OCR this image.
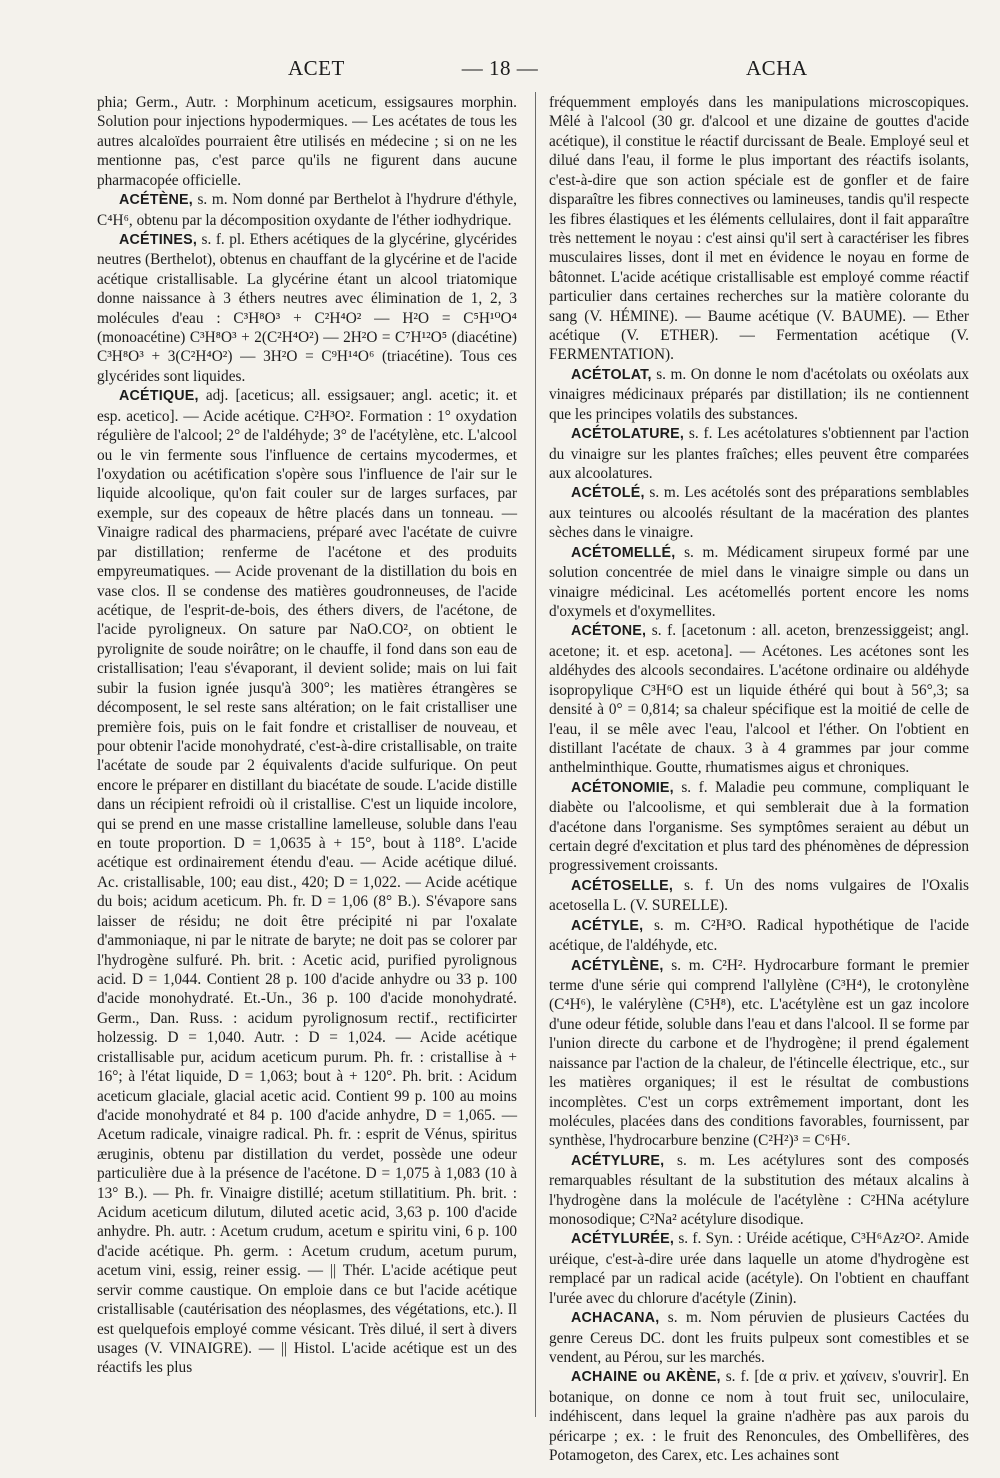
ACET	— 18 —	ACHA

phia; Germ., Autr. : Morphinum aceticum, essigsaures morphin. Solution pour injections hypodermiques. — Les acétates de tous les autres alcaloïdes pourraient être utilisés en médecine ; si on ne les mentionne pas, c'est parce qu'ils ne figurent dans aucune pharmacopée officielle.

ACÉTÈNE, s. m. Nom donné par Berthelot à l'hydrure d'éthyle, C⁴H⁶, obtenu par la décomposition oxydante de l'éther iodhydrique.

ACÉTINES, s. f. pl. Ethers acétiques de la glycérine, glycérides neutres (Berthelot), obtenus en chauffant de la glycérine et de l'acide acétique cristallisable. La glycérine étant un alcool triatomique donne naissance à 3 éthers neutres avec élimination de 1, 2, 3 molécules d'eau : C³H⁸O³ + C²H⁴O² — H²O = C⁵H¹⁰O⁴ (monoacétine) C³H⁸O³ + 2(C²H⁴O²) — 2H²O = C⁷H¹²O⁵ (diacétine) C³H⁸O³ + 3(C²H⁴O²) — 3H²O = C⁹H¹⁴O⁶ (triacétine). Tous ces glycérides sont liquides.

ACÉTIQUE, adj. [aceticus; all. essigsauer; angl. acetic; it. et esp. acetico]. — Acide acétique. C²H³O². Formation : 1° oxydation régulière de l'alcool; 2° de l'aldéhyde; 3° de l'acétylène, etc. L'alcool ou le vin fermente sous l'influence de certains mycodermes, et l'oxydation ou acétification s'opère sous l'influence de l'air sur le liquide alcoolique, qu'on fait couler sur de larges surfaces, par exemple, sur des copeaux de hêtre placés dans un tonneau. — Vinaigre radical des pharmaciens, préparé avec l'acétate de cuivre par distillation; renferme de l'acétone et des produits empyreumatiques. — Acide provenant de la distillation du bois en vase clos. Il se condense des matières goudronneuses, de l'acide acétique, de l'esprit-de-bois, des éthers divers, de l'acétone, de l'acide pyroligneux. On sature par NaO.CO², on obtient le pyrolignite de soude noirâtre; on le chauffe, il fond dans son eau de cristallisation; l'eau s'évaporant, il devient solide; mais on lui fait subir la fusion ignée jusqu'à 300°; les matières étrangères se décomposent, le sel reste sans altération; on le fait cristalliser une première fois, puis on le fait fondre et cristalliser de nouveau, et pour obtenir l'acide monohydraté, c'est-à-dire cristallisable, on traite l'acétate de soude par 2 équivalents d'acide sulfurique. On peut encore le préparer en distillant du biacétate de soude. L'acide distille dans un récipient refroidi où il cristallise. C'est un liquide incolore, qui se prend en une masse cristalline lamelleuse, soluble dans l'eau en toute proportion. D = 1,0635 à + 15°, bout à 118°. L'acide acétique est ordinairement étendu d'eau. — Acide acétique dilué. Ac. cristallisable, 100; eau dist., 420; D = 1,022. — Acide acétique du bois; acidum aceticum. Ph. fr. D = 1,06 (8° B.). S'évapore sans laisser de résidu; ne doit être précipité ni par l'oxalate d'ammoniaque, ni par le nitrate de baryte; ne doit pas se colorer par l'hydrogène sulfuré. Ph. brit. : Acetic acid, purified pyrolignous acid. D = 1,044. Contient 28 p. 100 d'acide anhydre ou 33 p. 100 d'acide monohydraté. Et.-Un., 36 p. 100 d'acide monohydraté. Germ., Dan. Russ. : acidum pyrolignosum rectif., rectificirter holzessig. D = 1,040. Autr. : D = 1,024. — Acide acétique cristallisable pur, acidum aceticum purum. Ph. fr. : cristallise à + 16°; à l'état liquide, D = 1,063; bout à + 120°. Ph. brit. : Acidum aceticum glaciale, glacial acetic acid. Contient 99 p. 100 au moins d'acide monohydraté et 84 p. 100 d'acide anhydre, D = 1,065. — Acetum radicale, vinaigre radical. Ph. fr. : esprit de Vénus, spiritus æruginis, obtenu par distillation du verdet, possède une odeur particulière due à la présence de l'acétone. D = 1,075 à 1,083 (10 à 13° B.). — Ph. fr. Vinaigre distillé; acetum stillatitium. Ph. brit. : Acidum aceticum dilutum, diluted acetic acid, 3,63 p. 100 d'acide anhydre. Ph. autr. : Acetum crudum, acetum e spiritu vini, 6 p. 100 d'acide acétique. Ph. germ. : Acetum crudum, acetum purum, acetum vini, essig, reiner essig. — || Thér. L'acide acétique peut servir comme caustique. On emploie dans ce but l'acide acétique cristallisable (cautérisation des néoplasmes, des végétations, etc.). Il est quelquefois employé comme vésicant. Très dilué, il sert à divers usages (V. VINAIGRE). — || Histol. L'acide acétique est un des réactifs les plus

fréquemment employés dans les manipulations microscopiques. Mêlé à l'alcool (30 gr. d'alcool et une dizaine de gouttes d'acide acétique), il constitue le réactif durcissant de Beale. Employé seul et dilué dans l'eau, il forme le plus important des réactifs isolants, c'est-à-dire que son action spéciale est de gonfler et de faire disparaître les fibres connectives ou lamineuses, tandis qu'il respecte les fibres élastiques et les éléments cellulaires, dont il fait apparaître très nettement le noyau : c'est ainsi qu'il sert à caractériser les fibres musculaires lisses, dont il met en évidence le noyau en forme de bâtonnet. L'acide acétique cristallisable est employé comme réactif particulier dans certaines recherches sur la matière colorante du sang (V. HÉMINE). — Baume acétique (V. BAUME). — Ether acétique (V. ETHER). — Fermentation acétique (V. FERMENTATION).

ACÉTOLAT, s. m. On donne le nom d'acétolats ou oxéolats aux vinaigres médicinaux préparés par distillation; ils ne contiennent que les principes volatils des substances.

ACÉTOLATURE, s. f. Les acétolatures s'obtiennent par l'action du vinaigre sur les plantes fraîches; elles peuvent être comparées aux alcoolatures.

ACÉTOLÉ, s. m. Les acétolés sont des préparations semblables aux teintures ou alcoolés résultant de la macération des plantes sèches dans le vinaigre.

ACÉTOMELLÉ, s. m. Médicament sirupeux formé par une solution concentrée de miel dans le vinaigre simple ou dans un vinaigre médicinal. Les acétomellés portent encore les noms d'oxymels et d'oxymellites.

ACÉTONE, s. f. [acetonum : all. aceton, brenzessiggeist; angl. acetone; it. et esp. acetona]. — Acétones. Les acétones sont les aldéhydes des alcools secondaires. L'acétone ordinaire ou aldéhyde isopropylique C³H⁶O est un liquide éthéré qui bout à 56°,3; sa densité à 0° = 0,814; sa chaleur spécifique est la moitié de celle de l'eau, il se mêle avec l'eau, l'alcool et l'éther. On l'obtient en distillant l'acétate de chaux. 3 à 4 grammes par jour comme anthelminthique. Goutte, rhumatismes aigus et chroniques.

ACÉTONOMIE, s. f. Maladie peu commune, compliquant le diabète ou l'alcoolisme, et qui semblerait due à la formation d'acétone dans l'organisme. Ses symptômes seraient au début un certain degré d'excitation et plus tard des phénomènes de dépression progressivement croissants.

ACÉTOSELLE, s. f. Un des noms vulgaires de l'Oxalis acetosella L. (V. SURELLE).

ACÉTYLE, s. m. C²H³O. Radical hypothétique de l'acide acétique, de l'aldéhyde, etc.

ACÉTYLÈNE, s. m. C²H². Hydrocarbure formant le premier terme d'une série qui comprend l'allylène (C³H⁴), le crotonylène (C⁴H⁶), le valérylène (C⁵H⁸), etc. L'acétylène est un gaz incolore d'une odeur fétide, soluble dans l'eau et dans l'alcool. Il se forme par l'union directe du carbone et de l'hydrogène; il prend également naissance par l'action de la chaleur, de l'étincelle électrique, etc., sur les matières organiques; il est le résultat de combustions incomplètes. C'est un corps extrêmement important, dont les molécules, placées dans des conditions favorables, fournissent, par synthèse, l'hydrocarbure benzine (C²H²)³ = C⁶H⁶.

ACÉTYLURE, s. m. Les acétylures sont des composés remarquables résultant de la substitution des métaux alcalins à l'hydrogène dans la molécule de l'acétylène : C²HNa acétylure monosodique; C²Na² acétylure disodique.

ACÉTYLURÉE, s. f. Syn. : Uréide acétique, C³H⁶Az²O². Amide uréique, c'est-à-dire urée dans laquelle un atome d'hydrogène est remplacé par un radical acide (acétyle). On l'obtient en chauffant l'urée avec du chlorure d'acétyle (Zinin).

ACHACANA, s. m. Nom péruvien de plusieurs Cactées du genre Cereus DC. dont les fruits pulpeux sont comestibles et se vendent, au Pérou, sur les marchés.

ACHAINE ou AKÈNE, s. f. [de α priv. et χαίνειν, s'ouvrir]. En botanique, on donne ce nom à tout fruit sec, uniloculaire, indéhiscent, dans lequel la graine n'adhère pas aux parois du péricarpe ; ex. : le fruit des Renoncules, des Ombellifères, des Potamogeton, des Carex, etc. Les achaines sont
